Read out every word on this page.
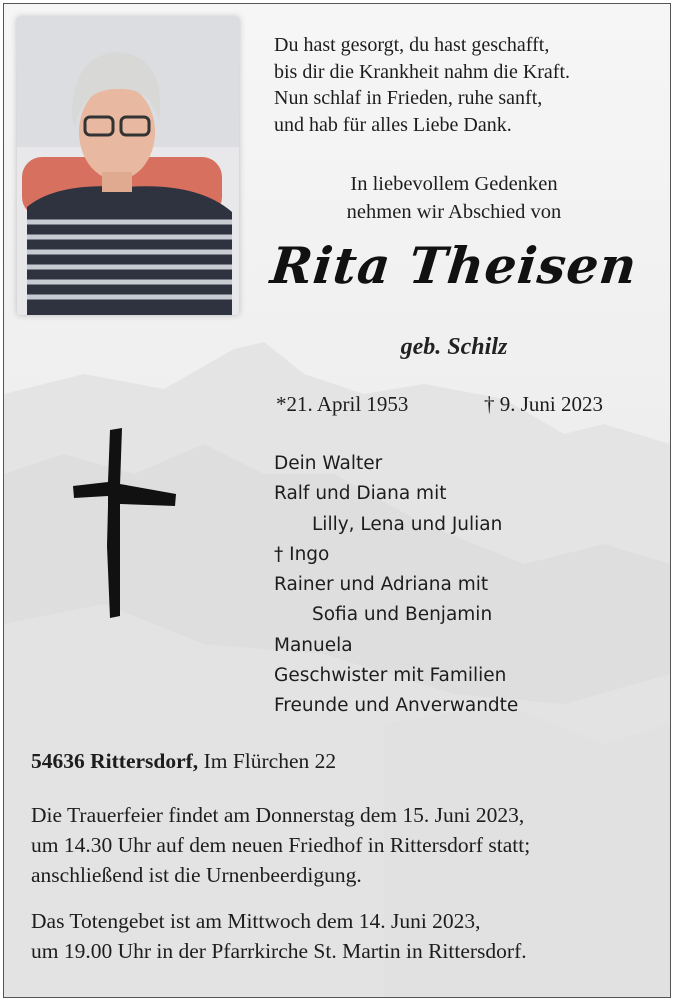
Du hast gesorgt, du hast geschafft,
bis dir die Krankheit nahm die Kraft.
Nun schlaf in Frieden, ruhe sanft,
und hab für alles Liebe Dank.
In liebevollem Gedenken
nehmen wir Abschied von
Rita Theisen
geb. Schilz
*21. April 1953	† 9. Juni 2023
Dein Walter
Ralf und Diana mit
Lilly, Lena und Julian
† Ingo
Rainer und Adriana mit
Sofia und Benjamin
Manuela
Geschwister mit Familien
Freunde und Anverwandte
54636 Rittersdorf, Im Flürchen 22
Die Trauerfeier findet am Donnerstag dem 15. Juni 2023,
um 14.30 Uhr auf dem neuen Friedhof in Rittersdorf statt;
anschließend ist die Urnenbeerdigung.
Das Totengebet ist am Mittwoch dem 14. Juni 2023,
um 19.00 Uhr in der Pfarrkirche St. Martin in Rittersdorf.
